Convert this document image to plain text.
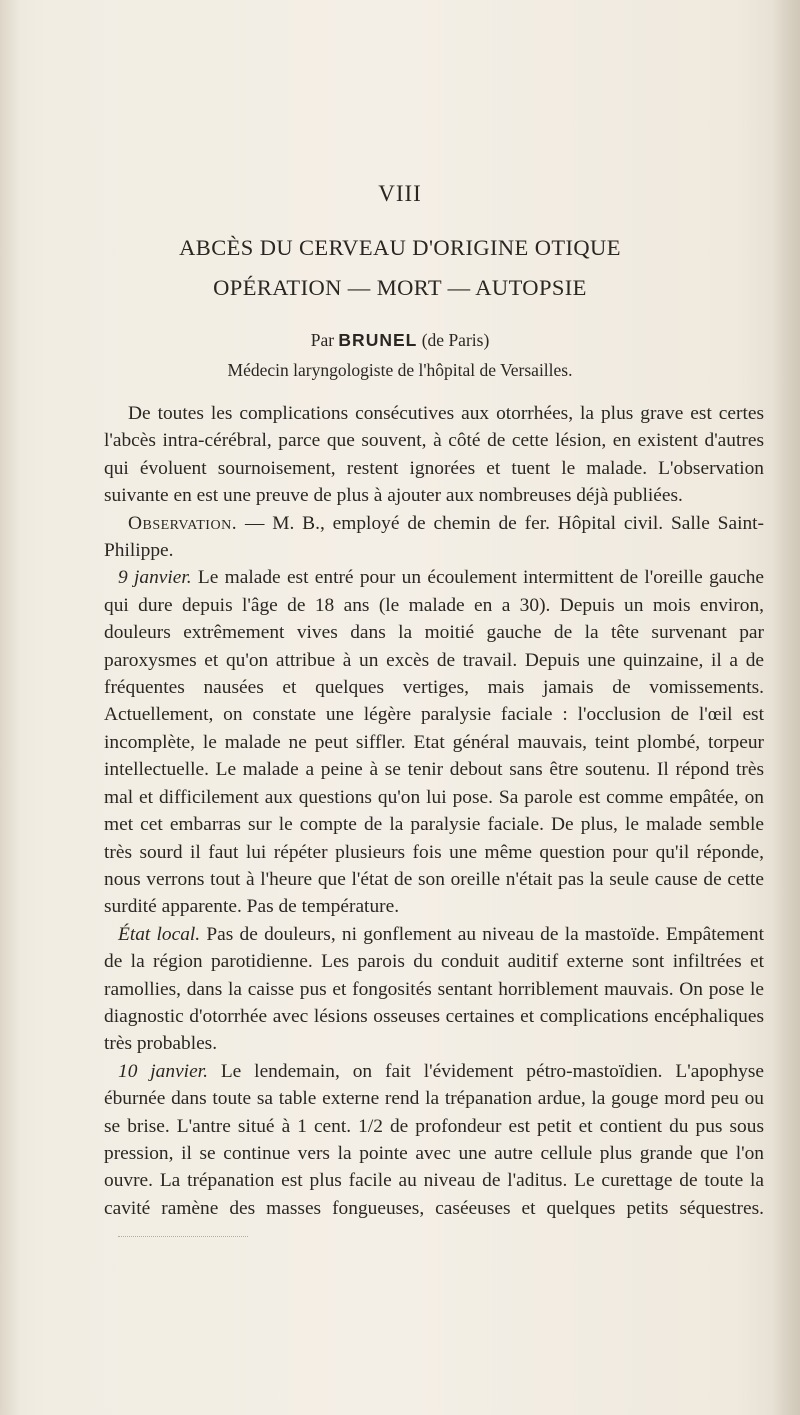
VIII
ABCÈS DU CERVEAU D'ORIGINE OTIQUE
OPÉRATION — MORT — AUTOPSIE
Par BRUNEL (de Paris)
Médecin laryngologiste de l'hôpital de Versailles.

De toutes les complications consécutives aux otorrhées, la plus grave est certes l'abcès intra-cérébral, parce que souvent, à côté de cette lésion, en existent d'autres qui évoluent sournoisement, restent ignorées et tuent le malade. L'observation suivante en est une preuve de plus à ajouter aux nombreuses déjà publiées.

Observation. — M. B., employé de chemin de fer. Hôpital civil. Salle Saint-Philippe.

9 janvier. Le malade est entré pour un écoulement intermittent de l'oreille gauche qui dure depuis l'âge de 18 ans (le malade en a 30). Depuis un mois environ, douleurs extrêmement vives dans la moitié gauche de la tête survenant par paroxysmes et qu'on attribue à un excès de travail. Depuis une quinzaine, il a de fréquentes nausées et quelques vertiges, mais jamais de vomissements. Actuellement, on constate une légère paralysie faciale : l'occlusion de l'œil est incomplète, le malade ne peut siffler. Etat général mauvais, teint plombé, torpeur intellectuelle. Le malade a peine à se tenir debout sans être soutenu. Il répond très mal et difficilement aux questions qu'on lui pose. Sa parole est comme empâtée, on met cet embarras sur le compte de la paralysie faciale. De plus, le malade semble très sourd il faut lui répéter plusieurs fois une même question pour qu'il réponde, nous verrons tout à l'heure que l'état de son oreille n'était pas la seule cause de cette surdité apparente. Pas de température.

État local. Pas de douleurs, ni gonflement au niveau de la mastoïde. Empâtement de la région parotidienne. Les parois du conduit auditif externe sont infiltrées et ramollies, dans la caisse pus et fongosités sentant horriblement mauvais. On pose le diagnostic d'otorrhée avec lésions osseuses certaines et complications encéphaliques très probables.

10 janvier. Le lendemain, on fait l'évidement pétro-mastoïdien. L'apophyse éburnée dans toute sa table externe rend la trépanation ardue, la gouge mord peu ou se brise. L'antre situé à 1 cent. 1/2 de profondeur est petit et contient du pus sous pression, il se continue vers la pointe avec une autre cellule plus grande que l'on ouvre. La trépanation est plus facile au niveau de l'aditus. Le curettage de toute la cavité ramène des masses fongueuses, caséeuses et quelques petits séquestres.
